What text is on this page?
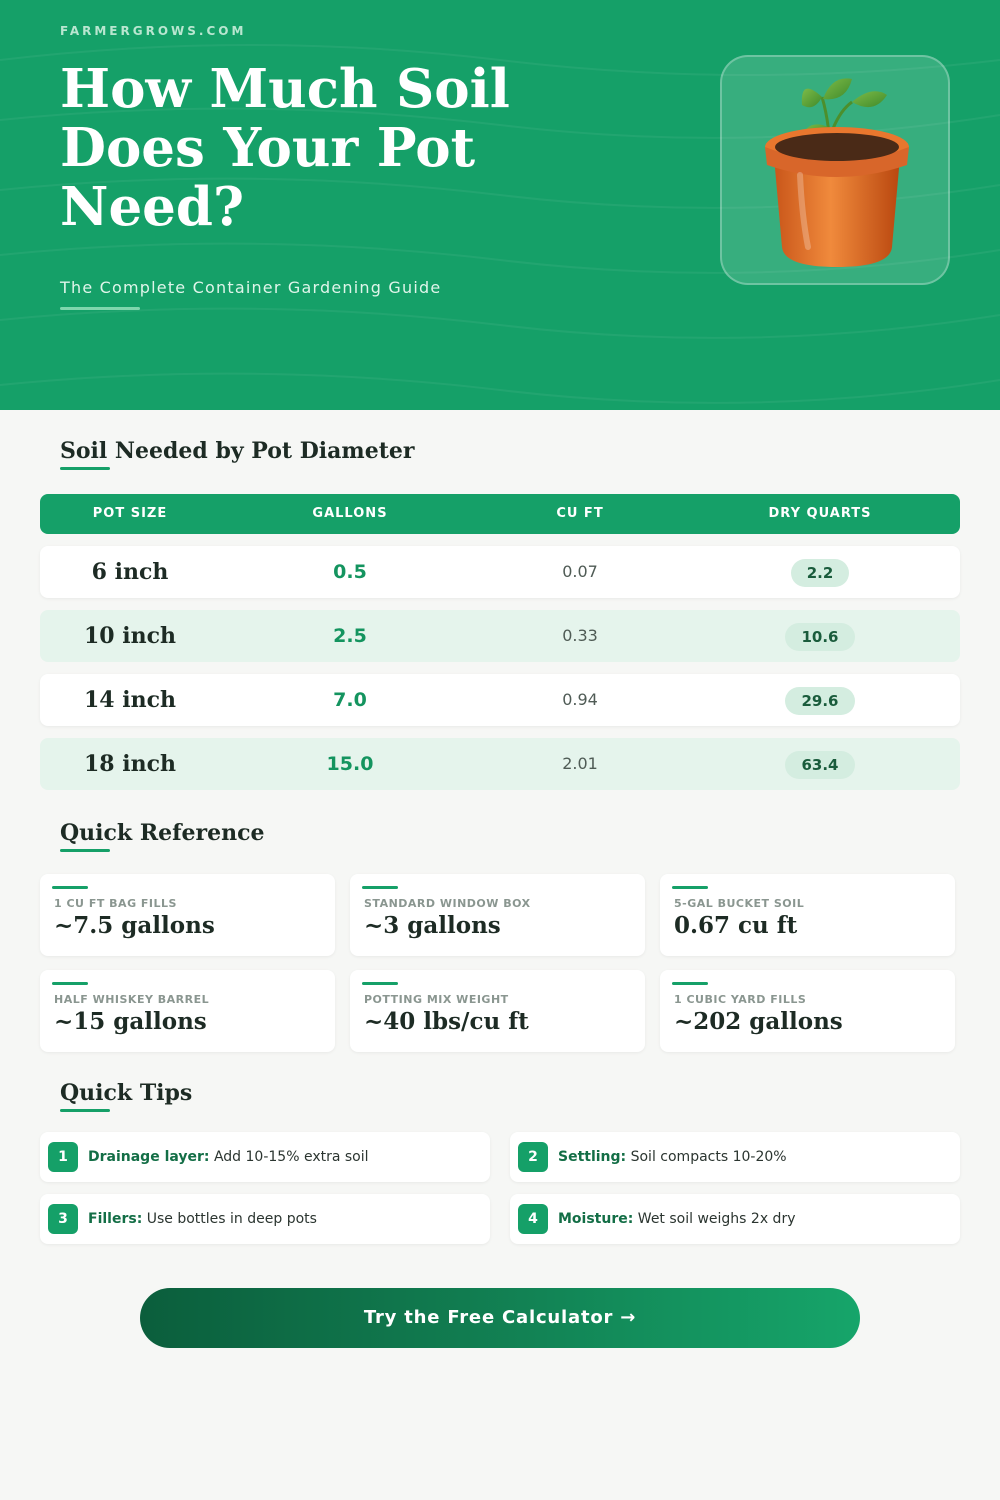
FARMERGROWS.COM
How Much Soil
Does Your Pot
Need?
The Complete Container Gardening Guide
Soil Needed by Pot Diameter
POT SIZE	GALLONS	CU FT	DRY QUARTS
6 inch	0.5	0.07	2.2
10 inch	2.5	0.33	10.6
14 inch	7.0	0.94	29.6
18 inch	15.0	2.01	63.4
Quick Reference
1 CU FT BAG FILLS
~7.5 gallons
STANDARD WINDOW BOX
~3 gallons
5-GAL BUCKET SOIL
0.67 cu ft
HALF WHISKEY BARREL
~15 gallons
POTTING MIX WEIGHT
~40 lbs/cu ft
1 CUBIC YARD FILLS
~202 gallons
Quick Tips
1	Drainage layer: Add 10-15% extra soil	2	Settling: Soil compacts 10-20%
3	Fillers: Use bottles in deep pots	4	Moisture: Wet soil weighs 2x dry
Try the Free Calculator →
